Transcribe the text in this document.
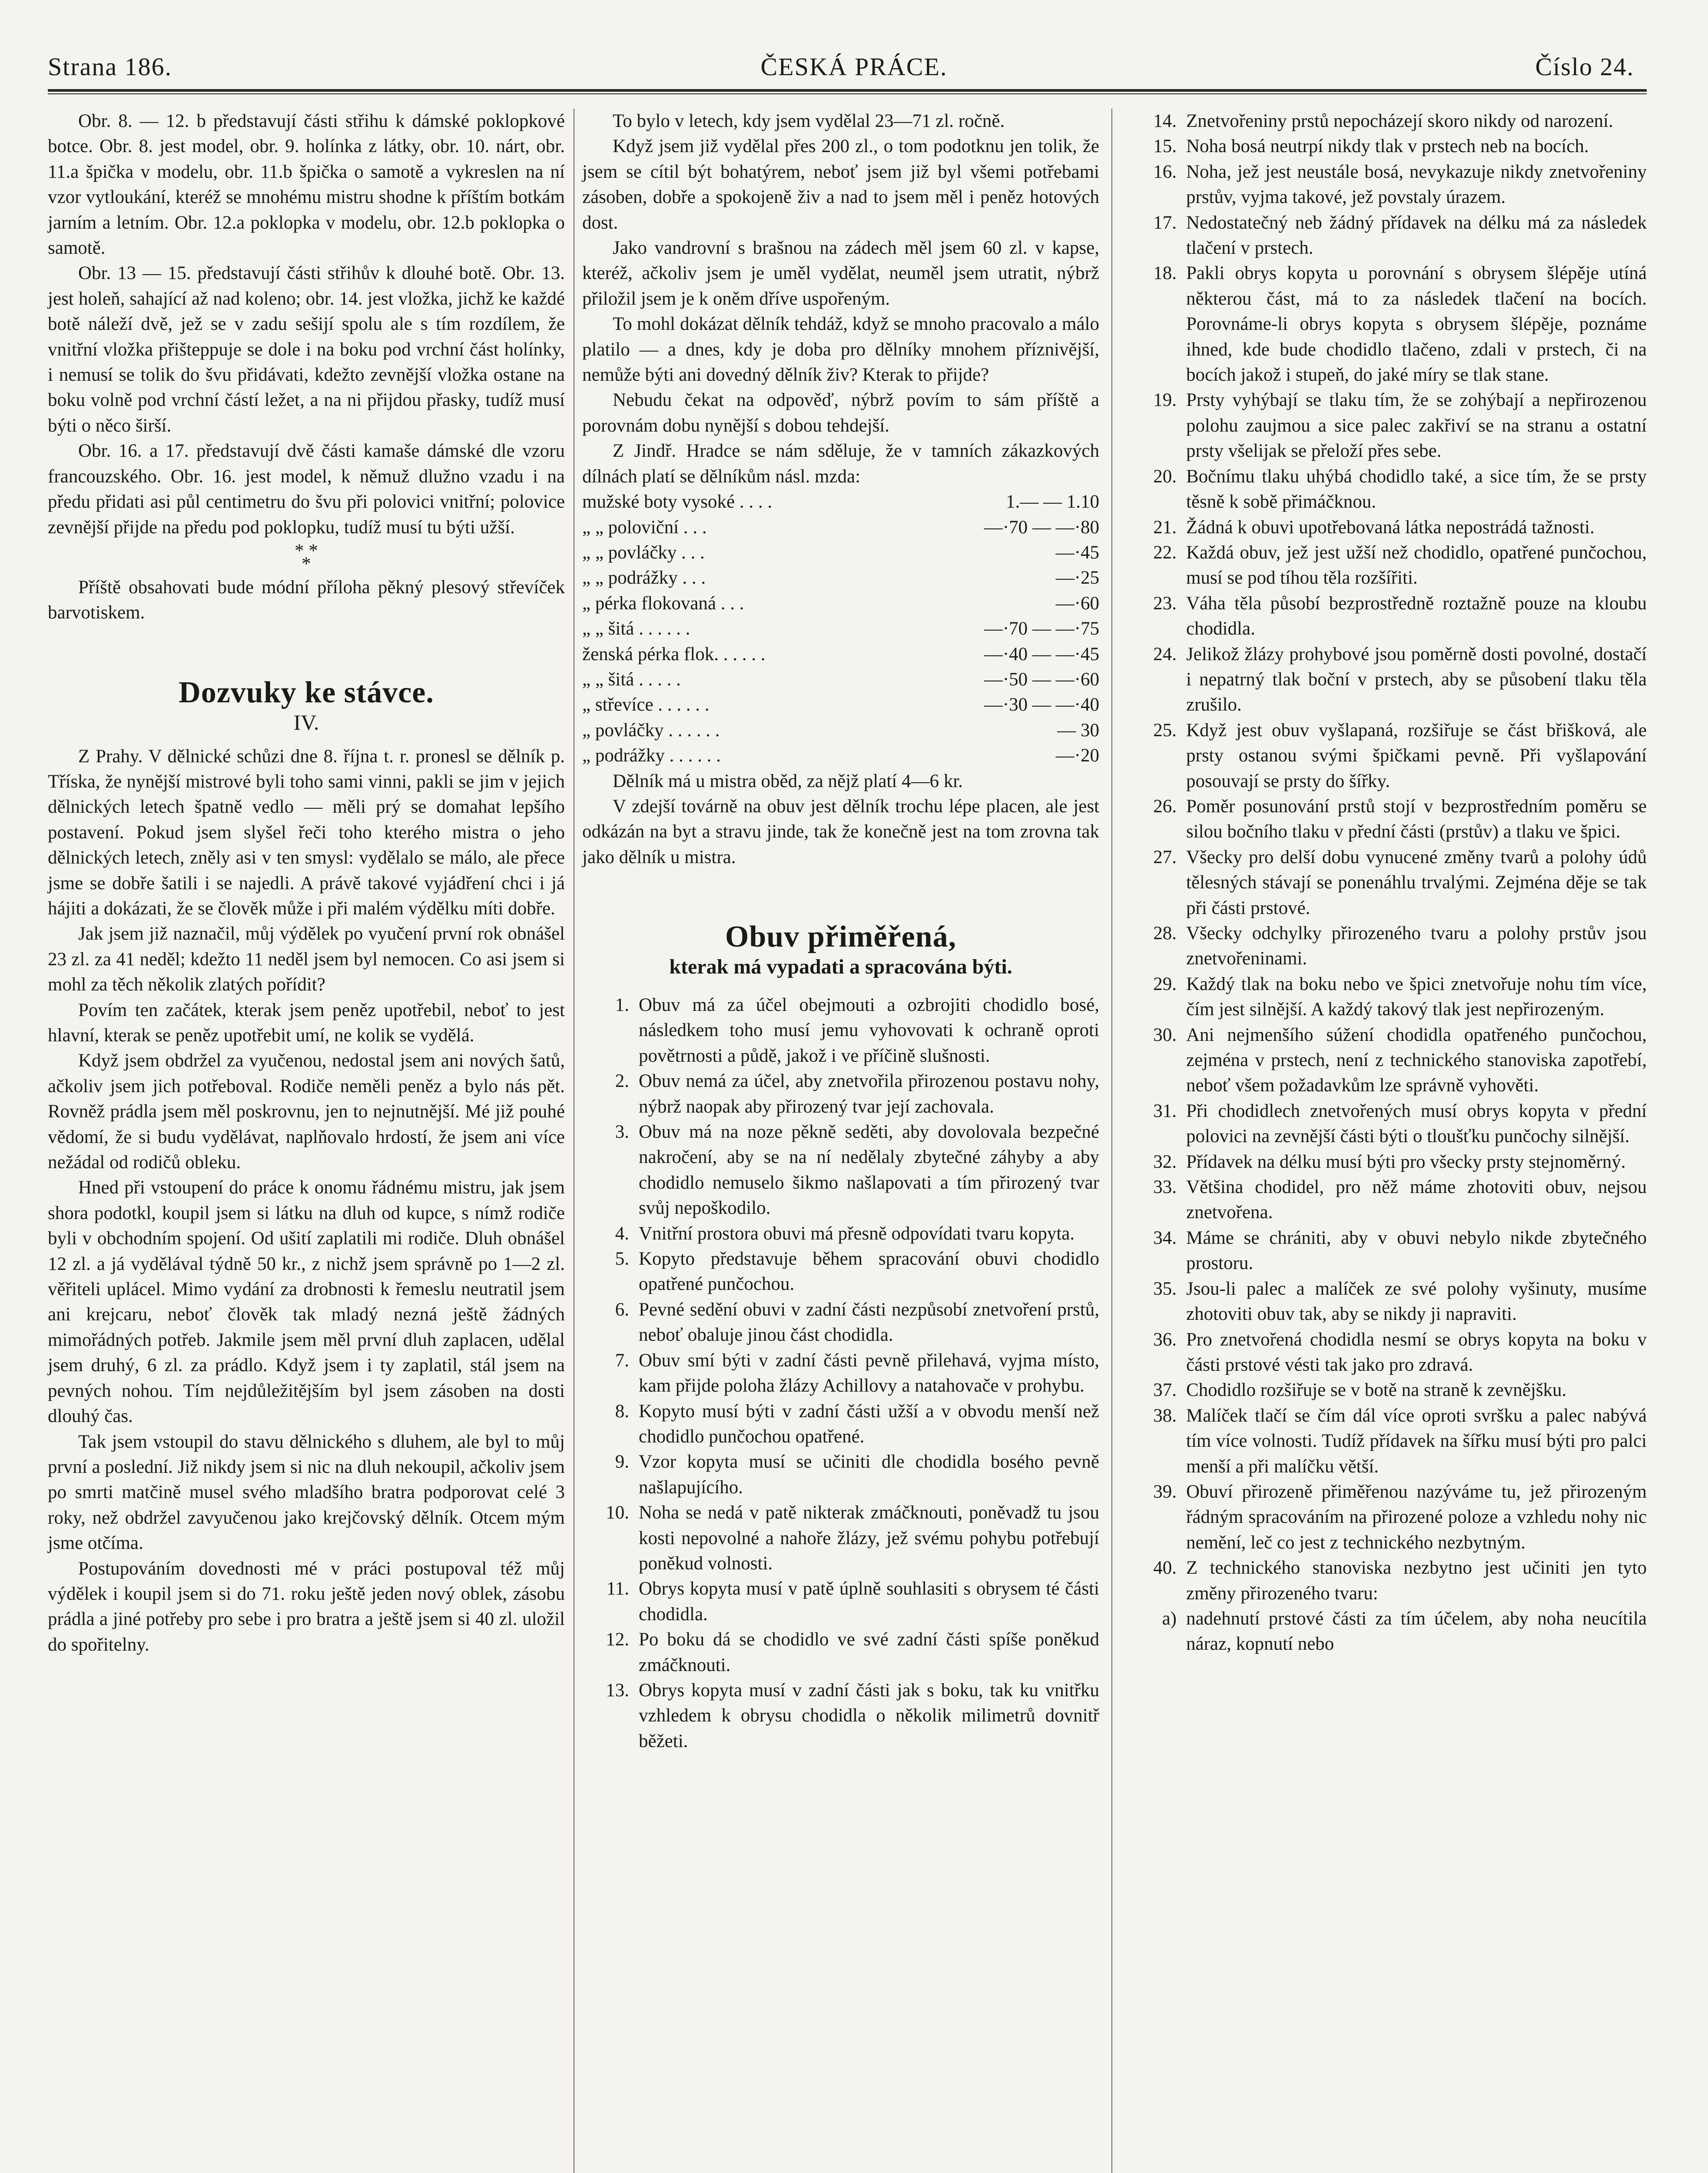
Strana 186.	ČESKÁ PRÁCE.	Číslo 24.

Obr. 8. — 12. b představují části střihu k dámské poklopkové botce. Obr. 8. jest model, obr. 9. holínka z látky, obr. 10. nárt, obr. 11.a špička v modelu, obr. 11.b špička o samotě a vykreslen na ní vzor vytloukání, kteréž se mnohému mistru shodne k příštím botkám jarním a letním. Obr. 12.a poklopka v modelu, obr. 12.b poklopka o samotě.

Obr. 13 — 15. představují části střihův k dlouhé botě. Obr. 13. jest holeň, sahající až nad koleno; obr. 14. jest vložka, jichž ke každé botě náleží dvě, jež se v zadu sešijí spolu ale s tím rozdílem, že vnitřní vložka přišteppuje se dole i na boku pod vrchní část holínky, i nemusí se tolik do švu přidávati, kdežto zevnější vložka ostane na boku volně pod vrchní částí ležet, a na ni přijdou přasky, tudíž musí býti o něco širší.

Obr. 16. a 17. představují dvě části kamaše dámské dle vzoru francouzského. Obr. 16. jest model, k němuž dlužno vzadu i na předu přidati asi půl centimetru do švu při polovici vnitřní; polovice zevnější přijde na předu pod poklopku, tudíž musí tu býti užší.

* *
*

Příště obsahovati bude módní příloha pěkný plesový střevíček barvotiskem.

Dozvuky ke stávce.
IV.

Z Prahy. V dělnické schůzi dne 8. října t. r. pronesl se dělník p. Tříska, že nynější mistrové byli toho sami vinni, pakli se jim v jejich dělnických letech špatně vedlo — měli prý se domahat lepšího postavení. Pokud jsem slyšel řeči toho kterého mistra o jeho dělnických letech, zněly asi v ten smysl: vydělalo se málo, ale přece jsme se dobře šatili i se najedli. A právě takové vyjádření chci i já hájiti a dokázati, že se člověk může i při malém výdělku míti dobře.

Jak jsem již naznačil, můj výdělek po vyučení první rok obnášel 23 zl. za 41 neděl; kdežto 11 neděl jsem byl nemocen. Co asi jsem si mohl za těch několik zlatých pořídit?

Povím ten začátek, kterak jsem peněz upotřebil, neboť to jest hlavní, kterak se peněz upotřebit umí, ne kolik se vydělá.

Když jsem obdržel za vyučenou, nedostal jsem ani nových šatů, ačkoliv jsem jich potřeboval. Rodiče neměli peněz a bylo nás pět. Rovněž prádla jsem měl poskrovnu, jen to nejnutnější. Mé již pouhé vědomí, že si budu vydělávat, naplňovalo hrdostí, že jsem ani více nežádal od rodičů obleku.

Hned při vstoupení do práce k onomu řádnému mistru, jak jsem shora podotkl, koupil jsem si látku na dluh od kupce, s nímž rodiče byli v obchodním spojení. Od ušití zaplatili mi rodiče. Dluh obnášel 12 zl. a já vydělával týdně 50 kr., z nichž jsem správně po 1—2 zl. věřiteli uplácel. Mimo vydání za drobnosti k řemeslu neutratil jsem ani krejcaru, neboť člověk tak mladý nezná ještě žádných mimořádných potřeb. Jakmile jsem měl první dluh zaplacen, udělal jsem druhý, 6 zl. za prádlo. Když jsem i ty zaplatil, stál jsem na pevných nohou. Tím nejdůležitějším byl jsem zásoben na dosti dlouhý čas.

Tak jsem vstoupil do stavu dělnického s dluhem, ale byl to můj první a poslední. Již nikdy jsem si nic na dluh nekoupil, ačkoliv jsem po smrti matčině musel svého mladšího bratra podporovat celé 3 roky, než obdržel zavyučenou jako krejčovský dělník. Otcem mým jsme otčíma.

Postupováním dovednosti mé v práci postupoval též můj výdělek i koupil jsem si do 71. roku ještě jeden nový oblek, zásobu prádla a jiné potřeby pro sebe i pro bratra a ještě jsem si 40 zl. uložil do spořitelny.

To bylo v letech, kdy jsem vydělal 23—71 zl. ročně.

Když jsem již vydělal přes 200 zl., o tom podotknu jen tolik, že jsem se cítil být bohatýrem, neboť jsem již byl všemi potřebami zásoben, dobře a spokojeně živ a nad to jsem měl i peněz hotových dost.

Jako vandrovní s brašnou na zádech měl jsem 60 zl. v kapse, kteréž, ačkoliv jsem je uměl vydělat, neuměl jsem utratit, nýbrž přiložil jsem je k oněm dříve uspořeným.

To mohl dokázat dělník tehdáž, když se mnoho pracovalo a málo platilo — a dnes, kdy je doba pro dělníky mnohem příznivější, nemůže býti ani dovedný dělník živ? Kterak to přijde?

Nebudu čekat na odpověď, nýbrž povím to sám příště a porovnám dobu nynější s dobou tehdejší.

Z Jindř. Hradce se nám sděluje, že v tamních zákazkových dílnách platí se dělníkům násl. mzda:

mužské boty vysoké . . . .	1.— — 1.10
„ „ poloviční . . .	—·70 — —·80
„ „ povláčky . . .	—·45
„ „ podrážky . . .	—·25
„ pérka flokovaná . . .	—·60
„ „ šitá . . . . . .	—·70 — —·75
ženská pérka flok. . . . . .	—·40 — —·45
„ „ šitá . . . . .	—·50 — —·60
„ střevíce . . . . . .	—·30 — —·40
„ povláčky . . . . . .	— 30
„ podrážky . . . . . .	—·20

Dělník má u mistra oběd, za nějž platí 4—6 kr.

V zdejší továrně na obuv jest dělník trochu lépe placen, ale jest odkázán na byt a stravu jinde, tak že konečně jest na tom zrovna tak jako dělník u mistra.

Obuv přiměřená,
kterak má vypadati a spracována býti.
1. Obuv má za účel obejmouti a ozbrojiti chodidlo bosé, následkem toho musí jemu vyhovovati k ochraně oproti povětrnosti a půdě, jakož i ve příčině slušnosti.
2. Obuv nemá za účel, aby znetvořila přirozenou postavu nohy, nýbrž naopak aby přirozený tvar její zachovala.
3. Obuv má na noze pěkně seděti, aby dovolovala bezpečné nakročení, aby se na ní nedělaly zbytečné záhyby a aby chodidlo nemuselo šikmo našlapovati a tím přirozený tvar svůj nepoškodilo.
4. Vnitřní prostora obuvi má přesně odpovídati tvaru kopyta.
5. Kopyto představuje během spracování obuvi chodidlo opatřené punčochou.
6. Pevné sedění obuvi v zadní části nezpůsobí znetvoření prstů, neboť obaluje jinou část chodidla.
7. Obuv smí býti v zadní části pevně přilehavá, vyjma místo, kam přijde poloha žlázy Achillovy a natahovače v prohybu.
8. Kopyto musí býti v zadní části užší a v obvodu menší než chodidlo punčochou opatřené.
9. Vzor kopyta musí se učiniti dle chodidla bosého pevně našlapujícího.
10. Noha se nedá v patě nikterak zmáčknouti, poněvadž tu jsou kosti nepovolné a nahoře žlázy, jež svému pohybu potřebují poněkud volnosti.
11. Obrys kopyta musí v patě úplně souhlasiti s obrysem té části chodidla.
12. Po boku dá se chodidlo ve své zadní části spíše poněkud zmáčknouti.
13. Obrys kopyta musí v zadní části jak s boku, tak ku vnitřku vzhledem k obrysu chodidla o několik milimetrů dovnitř běžeti.
14. Znetvořeniny prstů nepocházejí skoro nikdy od narození.
15. Noha bosá neutrpí nikdy tlak v prstech neb na bocích.
16. Noha, jež jest neustále bosá, nevykazuje nikdy znetvořeniny prstův, vyjma takové, jež povstaly úrazem.
17. Nedostatečný neb žádný přídavek na délku má za následek tlačení v prstech.
18. Pakli obrys kopyta u porovnání s obrysem šlépěje utíná některou část, má to za následek tlačení na bocích. Porovnáme-li obrys kopyta s obrysem šlépěje, poznáme ihned, kde bude chodidlo tlačeno, zdali v prstech, či na bocích jakož i stupeň, do jaké míry se tlak stane.
19. Prsty vyhýbají se tlaku tím, že se zohýbají a nepřirozenou polohu zaujmou a sice palec zakřiví se na stranu a ostatní prsty všelijak se přeloží přes sebe.
20. Bočnímu tlaku uhýbá chodidlo také, a sice tím, že se prsty těsně k sobě přimáčknou.
21. Žádná k obuvi upotřebovaná látka nepostrádá tažnosti.
22. Každá obuv, jež jest užší než chodidlo, opatřené punčochou, musí se pod tíhou těla rozšířiti.
23. Váha těla působí bezprostředně roztažně pouze na kloubu chodidla.
24. Jelikož žlázy prohybové jsou poměrně dosti povolné, dostačí i nepatrný tlak boční v prstech, aby se působení tlaku těla zrušilo.
25. Když jest obuv vyšlapaná, rozšiřuje se část břišková, ale prsty ostanou svými špičkami pevně. Při vyšlapování posouvají se prsty do šířky.
26. Poměr posunování prstů stojí v bezprostředním poměru se silou bočního tlaku v přední části (prstův) a tlaku ve špici.
27. Všecky pro delší dobu vynucené změny tvarů a polohy údů tělesných stávají se ponenáhlu trvalými. Zejména děje se tak při části prstové.
28. Všecky odchylky přirozeného tvaru a polohy prstův jsou znetvořeninami.
29. Každý tlak na boku nebo ve špici znetvořuje nohu tím více, čím jest silnější. A každý takový tlak jest nepřirozeným.
30. Ani nejmenšího súžení chodidla opatřeného punčochou, zejména v prstech, není z technického stanoviska zapotřebí, neboť všem požadavkům lze správně vyhověti.
31. Při chodidlech znetvořených musí obrys kopyta v přední polovici na zevnější části býti o tloušťku punčochy silnější.
32. Přídavek na délku musí býti pro všecky prsty stejnoměrný.
33. Většina chodidel, pro něž máme zhotoviti obuv, nejsou znetvořena.
34. Máme se chrániti, aby v obuvi nebylo nikde zbytečného prostoru.
35. Jsou-li palec a malíček ze své polohy vyšinuty, musíme zhotoviti obuv tak, aby se nikdy ji napraviti.
36. Pro znetvořená chodidla nesmí se obrys kopyta na boku v části prstové vésti tak jako pro zdravá.
37. Chodidlo rozšiřuje se v botě na straně k zevnějšku.
38. Malíček tlačí se čím dál více oproti svršku a palec nabývá tím více volnosti. Tudíž přídavek na šířku musí býti pro palci menší a při malíčku větší.
39. Obuví přirozeně přiměřenou nazýváme tu, jež přirozeným řádným spracováním na přirozené poloze a vzhledu nohy nic nemění, leč co jest z technického nezbytným.
40. Z technického stanoviska nezbytno jest učiniti jen tyto změny přirozeného tvaru:
a) nadehnutí prstové části za tím účelem, aby noha neucítila náraz, kopnutí nebo
